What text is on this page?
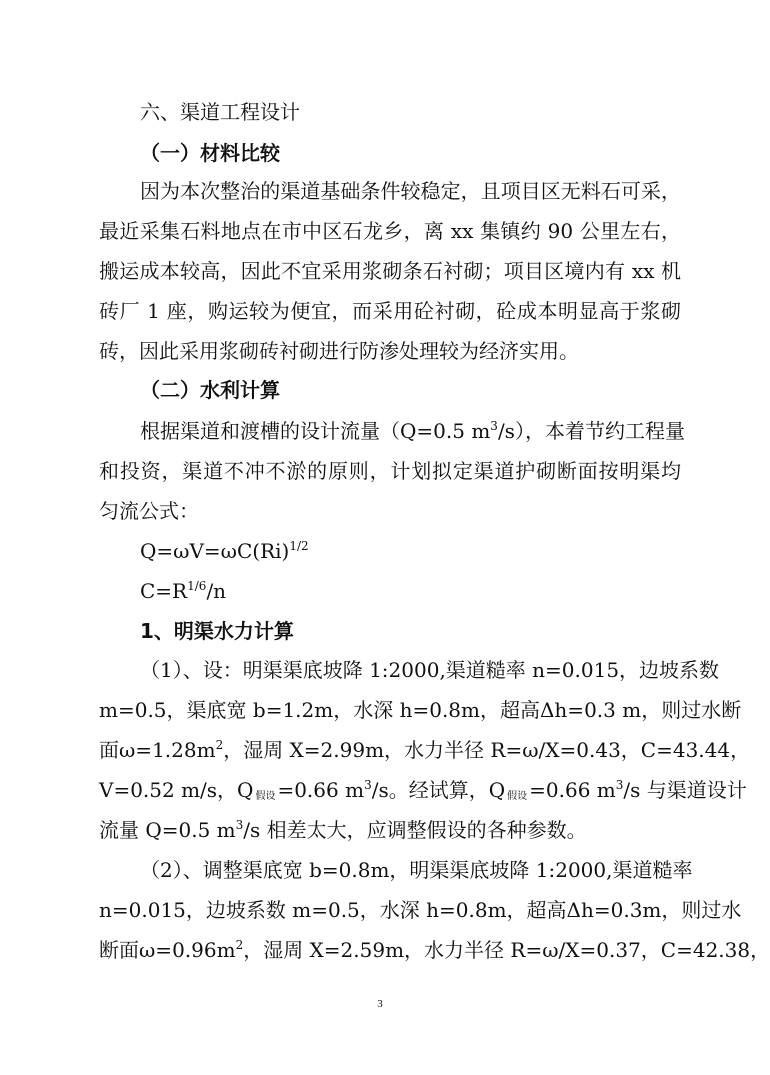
六、渠道工程设计
（一）材料比较
因为本次整治的渠道基础条件较稳定，且项目区无料石可采，
最近采集石料地点在市中区石龙乡，离 xx 集镇约 90 公里左右，
搬运成本较高，因此不宜采用浆砌条石衬砌；项目区境内有 xx 机
砖厂 1 座，购运较为便宜，而采用砼衬砌，砼成本明显高于浆砌
砖，因此采用浆砌砖衬砌进行防渗处理较为经济实用。
（二）水利计算
根据渠道和渡槽的设计流量（Q=0.5 $m^3/s$），本着节约工程量
和投资，渠道不冲不淤的原则，计划拟定渠道护砌断面按明渠均
匀流公式：
$Q=\omega V=\omega C(Ri)^{1/2}$
$C=R^{1/6}/n$
1、明渠水力计算
（1）、设：明渠渠底坡降 1:2000,渠道糙率 n=0.015，边坡系数
m=0.5，渠底宽 b=1.2m，水深 h=0.8m，超高Δh=0.3 m，则过水断
面$\omega=1.28m^2$，湿周 X=2.99m，水力半径 R=ω/X=0.43，C=43.44，
V=0.52 m/s，Q $_{假设}$ =0.66 $m^3/s$。经试算，Q $_{假设}$ =0.66 $m^3/s$ 与渠道设计
流量 Q=0.5 $m^3/s$ 相差太大，应调整假设的各种参数。
（2）、调整渠底宽 b=0.8m，明渠渠底坡降 1:2000,渠道糙率
n=0.015，边坡系数 m=0.5，水深 h=0.8m，超高Δh=0.3m，则过水
断面$\omega=0.96m^2$，湿周 X=2.59m，水力半径 R=ω/X=0.37，C=42.38，
3
